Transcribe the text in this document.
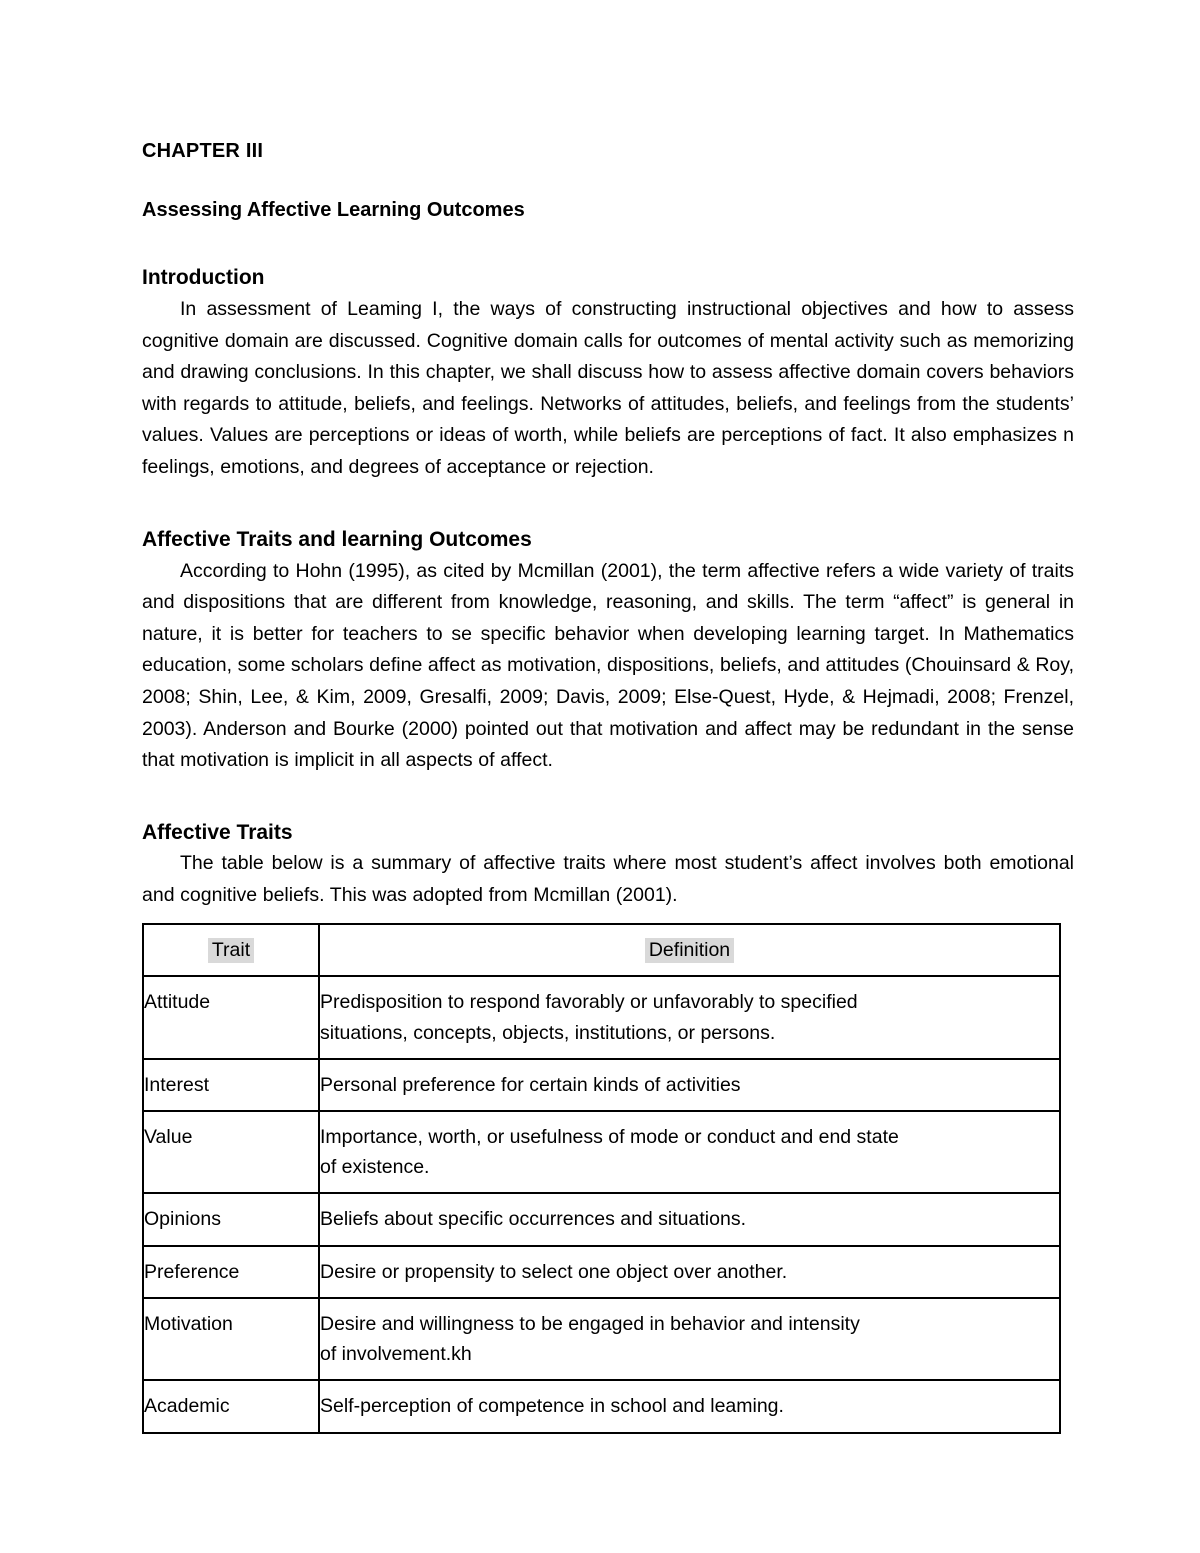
CHAPTER III
Assessing Affective Learning Outcomes
Introduction

In assessment of Leaming I, the ways of constructing instructional objectives and how to assess cognitive domain are discussed. Cognitive domain calls for outcomes of mental activity such as memorizing and drawing conclusions. In this chapter, we shall discuss how to assess affective domain covers behaviors with regards to attitude, beliefs, and feelings. Networks of attitudes, beliefs, and feelings from the students’ values. Values are perceptions or ideas of worth, while beliefs are perceptions of fact. It also emphasizes n feelings, emotions, and degrees of acceptance or rejection.

Affective Traits and learning Outcomes

According to Hohn (1995), as cited by Mcmillan (2001), the term affective refers a wide variety of traits and dispositions that are different from knowledge, reasoning, and skills. The term “affect” is general in nature, it is better for teachers to se specific behavior when developing learning target. In Mathematics education, some scholars define affect as motivation, dispositions, beliefs, and attitudes (Chouinsard & Roy, 2008; Shin, Lee, & Kim, 2009, Gresalfi, 2009; Davis, 2009; Else-Quest, Hyde, & Hejmadi, 2008; Frenzel, 2003). Anderson and Bourke (2000) pointed out that motivation and affect may be redundant in the sense that motivation is implicit in all aspects of affect.

Affective Traits

The table below is a summary of affective traits where most student’s affect involves both emotional and cognitive beliefs. This was adopted from Mcmillan (2001).

Trait	Definition
Attitude	Predisposition to respond favorably or unfavorably to specified
situations, concepts, objects, institutions, or persons.

Interest	Personal preference for certain kinds of activities
Value	Importance, worth, or usefulness of mode or conduct and end state
of existence.

Opinions	Beliefs about specific occurrences and situations.
Preference	Desire or propensity to select one object over another.
Motivation	Desire and willingness to be engaged in behavior and intensity
of involvement.kh

Academic	Self-perception of competence in school and leaming.
